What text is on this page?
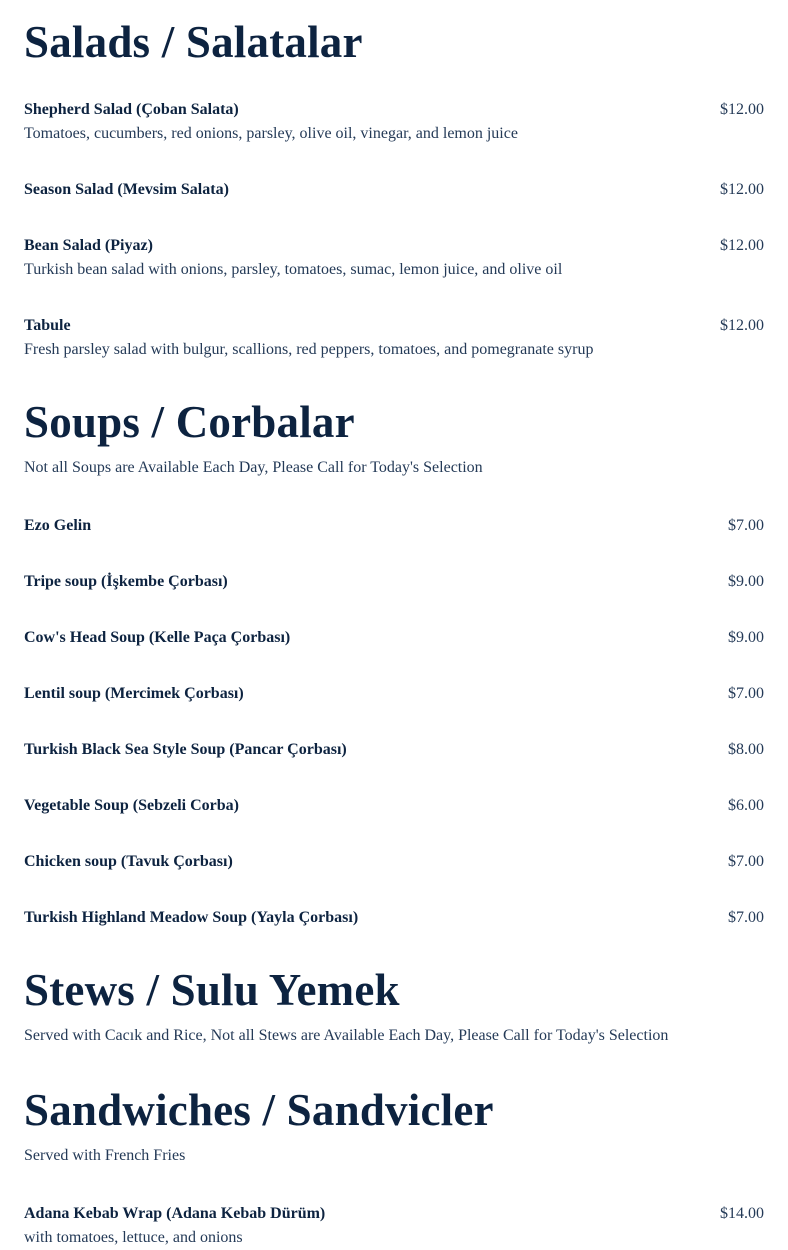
Salads / Salatalar
Shepherd Salad (Çoban Salata)	$12.00
Tomatoes, cucumbers, red onions, parsley, olive oil, vinegar, and lemon juice
Season Salad (Mevsim Salata)	$12.00
Bean Salad (Piyaz)	$12.00
Turkish bean salad with onions, parsley, tomatoes, sumac, lemon juice, and olive oil
Tabule	$12.00
Fresh parsley salad with bulgur, scallions, red peppers, tomatoes, and pomegranate syrup
Soups / Corbalar

Not all Soups are Available Each Day, Please Call for Today's Selection

Ezo Gelin	$7.00
Tripe soup (İşkembe Çorbası)	$9.00
Cow's Head Soup (Kelle Paça Çorbası)	$9.00
Lentil soup (Mercimek Çorbası)	$7.00
Turkish Black Sea Style Soup (Pancar Çorbası)	$8.00
Vegetable Soup (Sebzeli Corba)	$6.00
Chicken soup (Tavuk Çorbası)	$7.00
Turkish Highland Meadow Soup (Yayla Çorbası)	$7.00
Stews / Sulu Yemek

Served with Cacık and Rice, Not all Stews are Available Each Day, Please Call for Today's Selection

Sandwiches / Sandvicler

Served with French Fries

Adana Kebab Wrap (Adana Kebab Dürüm)	$14.00
with tomatoes, lettuce, and onions
